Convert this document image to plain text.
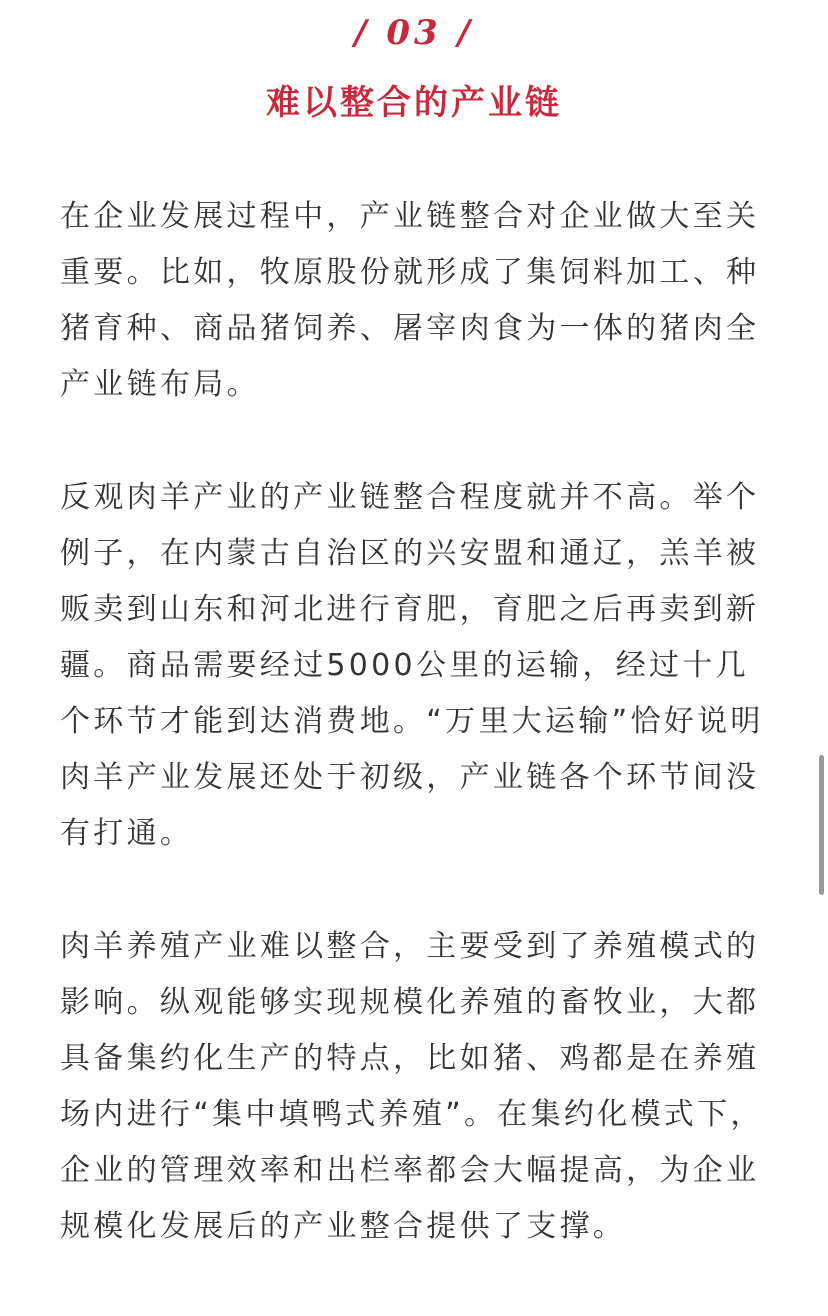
/ 03 /
难以整合的产业链

在企业发展过程中，产业链整合对企业做大至关重要。比如，牧原股份就形成了集饲料加工、种猪育种、商品猪饲养、屠宰肉食为一体的猪肉全产业链布局。

反观肉羊产业的产业链整合程度就并不高。举个例子，在内蒙古自治区的兴安盟和通辽，羔羊被贩卖到山东和河北进行育肥，育肥之后再卖到新疆。商品需要经过5000公里的运输，经过十几个环节才能到达消费地。“万里大运输”恰好说明肉羊产业发展还处于初级，产业链各个环节间没有打通。

肉羊养殖产业难以整合，主要受到了养殖模式的影响。纵观能够实现规模化养殖的畜牧业，大都具备集约化生产的特点，比如猪、鸡都是在养殖场内进行“集中填鸭式养殖”。在集约化模式下，企业的管理效率和出栏率都会大幅提高，为企业规模化发展后的产业整合提供了支撑。
